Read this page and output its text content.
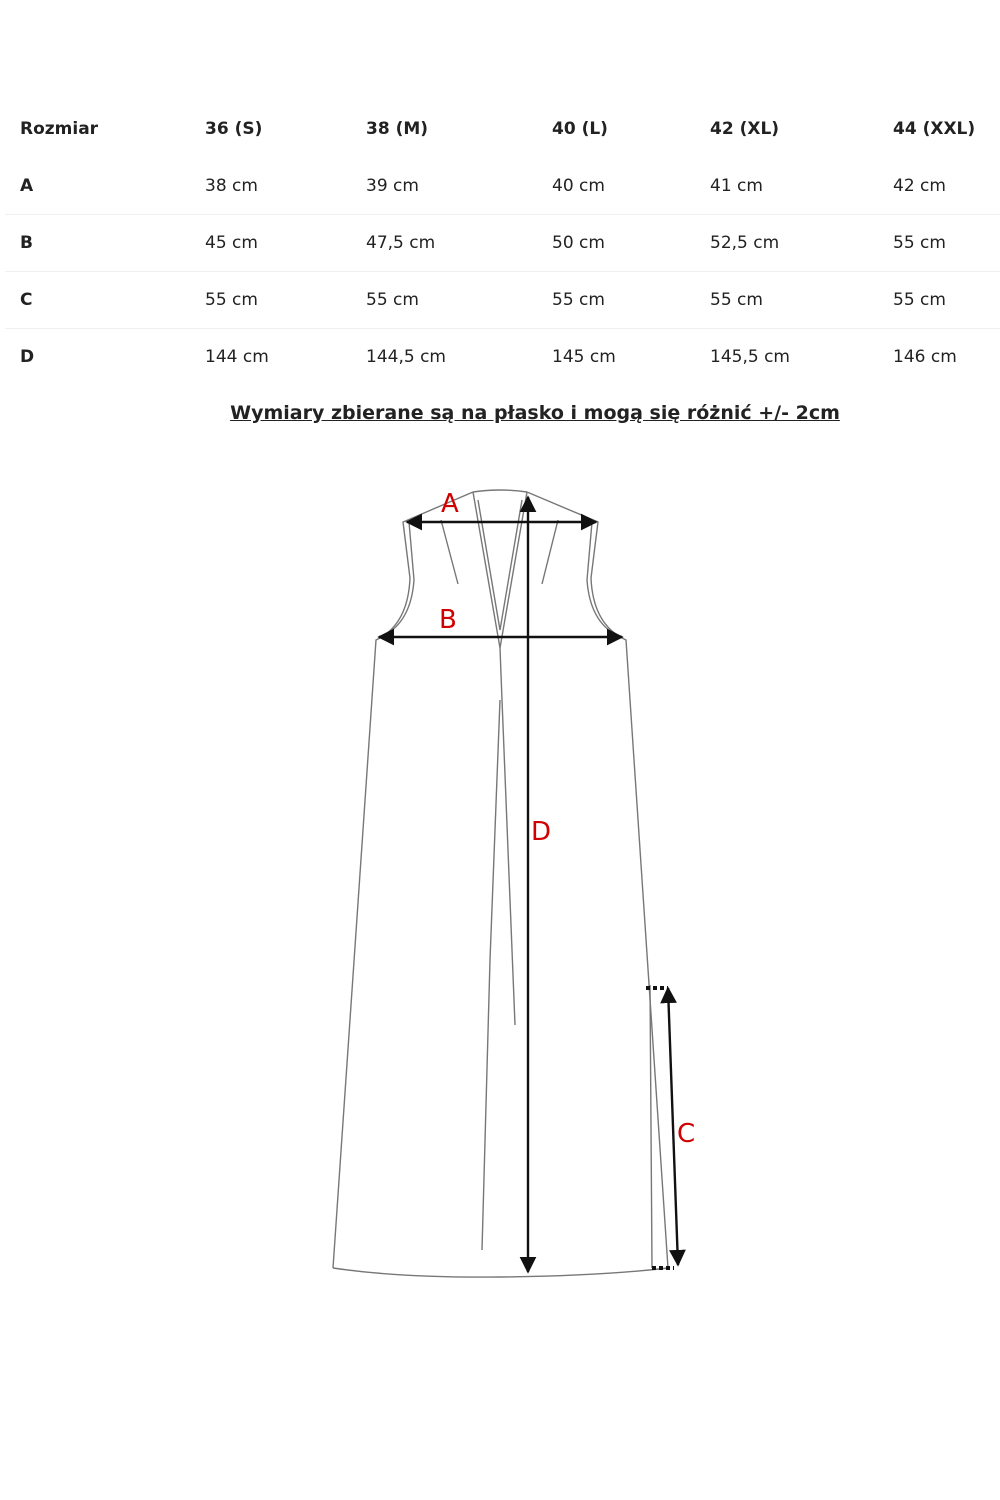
Rozmiar	36 (S)	38 (M)	40 (L)	42 (XL)	44 (XXL)
A	38 cm	39 cm	40 cm	41 cm	42 cm
B	45 cm	47,5 cm	50 cm	52,5 cm	55 cm
C	55 cm	55 cm	55 cm	55 cm	55 cm
D	144 cm	144,5 cm	145 cm	145,5 cm	146 cm
Wymiary zbierane są na płasko i mogą się różnić +/- 2cm
A
B
D
C
